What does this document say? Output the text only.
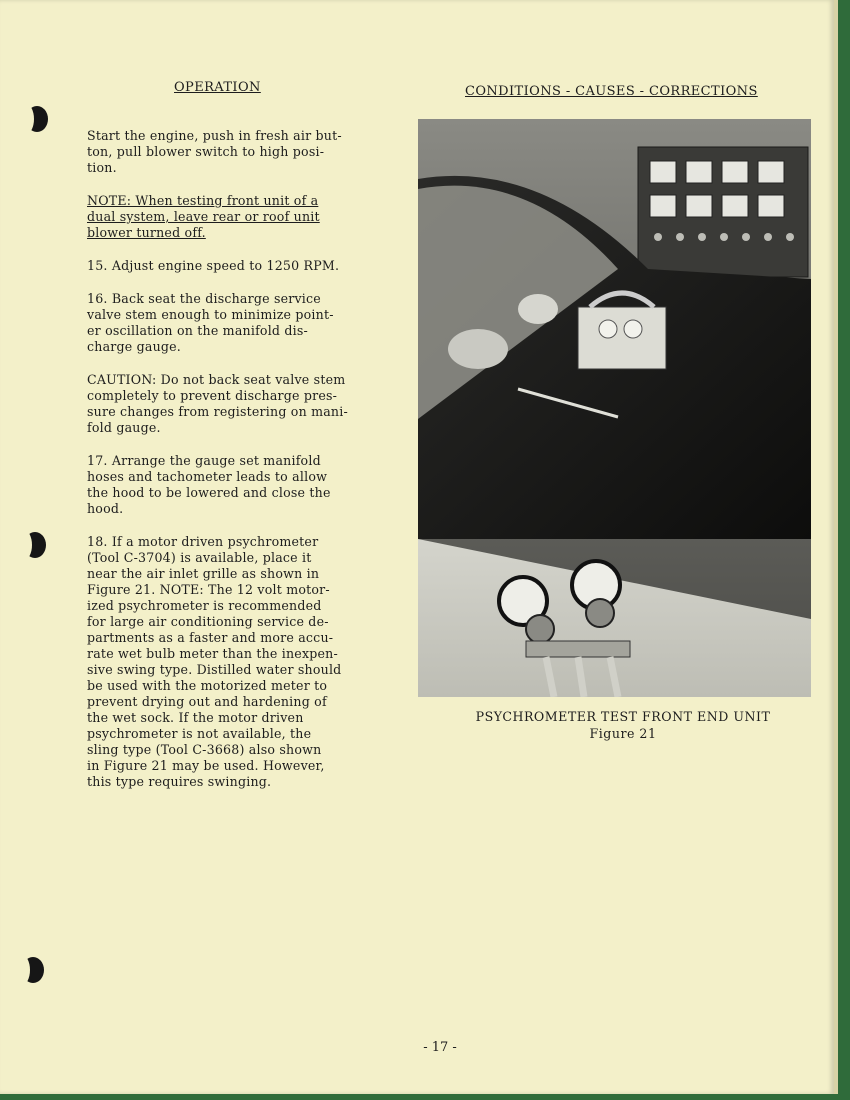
OPERATION	CONDITIONS - CAUSES - CORRECTIONS

Start the engine, push in fresh air but-
ton, pull blower switch to high posi-
tion.

NOTE: When testing front unit of a
dual system, leave rear or roof unit
blower turned off.

15. Adjust engine speed to 1250 RPM.

16. Back seat the discharge service
valve stem enough to minimize point-
er oscillation on the manifold dis-
charge gauge.

CAUTION: Do not back seat valve stem
completely to prevent discharge pres-
sure changes from registering on mani-
fold gauge.

17. Arrange the gauge set manifold
hoses and tachometer leads to allow
the hood to be lowered and close the
hood.

18. If a motor driven psychrometer
(Tool C-3704) is available, place it
near the air inlet grille as shown in
Figure 21. NOTE: The 12 volt motor-
ized psychrometer is recommended
for large air conditioning service de-
partments as a faster and more accu-
rate wet bulb meter than the inexpen-
sive swing type. Distilled water should
be used with the motorized meter to
prevent drying out and hardening of
the wet sock. If the motor driven
psychrometer is not available, the
sling type (Tool C-3668) also shown
in Figure 21 may be used. However,
this type requires swinging.

PSYCHROMETER TEST FRONT END UNIT
Figure 21
- 17 -
